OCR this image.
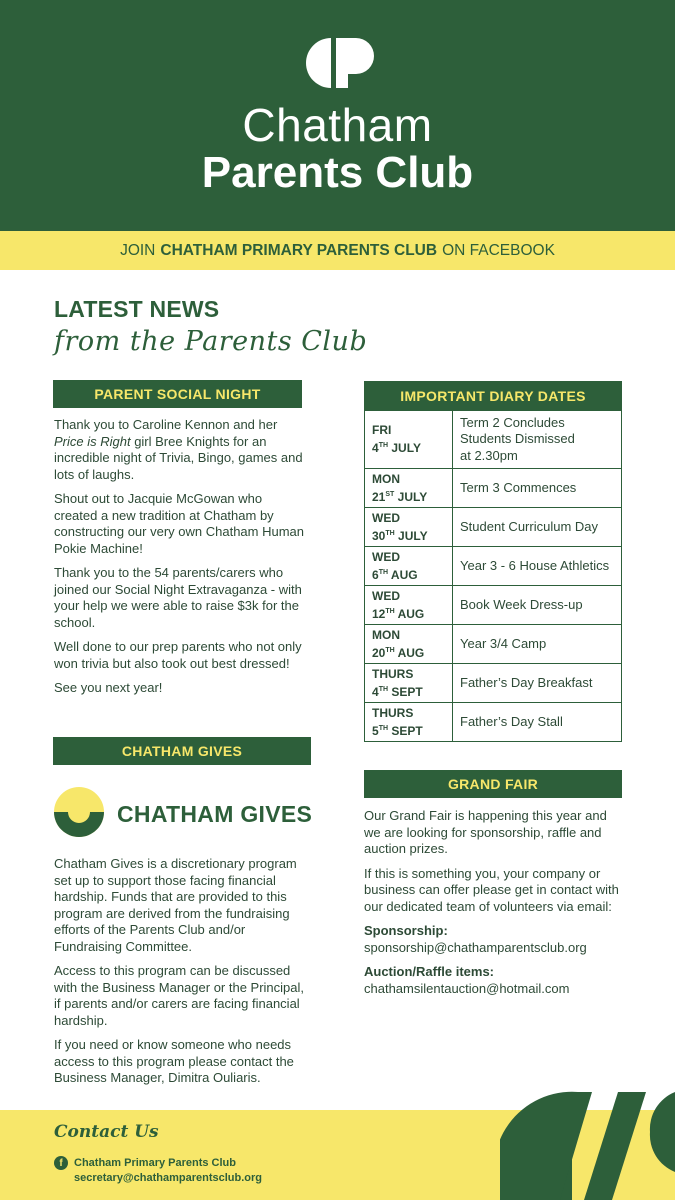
Chatham
Parents Club
JOIN CHATHAM PRIMARY PARENTS CLUB ON FACEBOOK
LATEST NEWS
from the Parents Club
PARENT SOCIAL NIGHT

Thank you to Caroline Kennon and her Price is Right girl Bree Knights for an incredible night of Trivia, Bingo, games and lots of laughs.

Shout out to Jacquie McGowan who created a new tradition at Chatham by constructing our very own Chatham Human Pokie Machine!

Thank you to the 54 parents/carers who joined our Social Night Extravaganza - with your help we were able to raise $3k for the school.

Well done to our prep parents who not only won trivia but also took out best dressed!

See you next year!

CHATHAM GIVES
CHATHAM GIVES

Chatham Gives is a discretionary program set up to support those facing financial hardship. Funds that are provided to this program are derived from the fundraising efforts of the Parents Club and/or Fundraising Committee.

Access to this program can be discussed with the Business Manager or the Principal, if parents and/or carers are facing financial hardship.

If you need or know someone who needs access to this program please contact the Business Manager, Dimitra Ouliaris.

IMPORTANT DIARY DATES
FRI
4TH JULY	Term 2 Concludes
Students Dismissed
at 2.30pm
MON
21ST JULY	Term 3 Commences
WED
30TH JULY	Student Curriculum Day
WED
6TH AUG	Year 3 - 6 House Athletics
WED
12TH AUG	Book Week Dress-up
MON
20TH AUG	Year 3/4 Camp
THURS
4TH SEPT	Father’s Day Breakfast
THURS
5TH SEPT	Father’s Day Stall
GRAND FAIR

Our Grand Fair is happening this year and we are looking for sponsorship, raffle and auction prizes.

If this is something you, your company or business can offer please get in contact with our dedicated team of volunteers via email:

Sponsorship:
sponsorship@chathamparentsclub.org

Auction/Raffle items:
chathamsilentauction@hotmail.com

Contact Us
f	Chatham Primary Parents Club
secretary@chathamparentsclub.org
